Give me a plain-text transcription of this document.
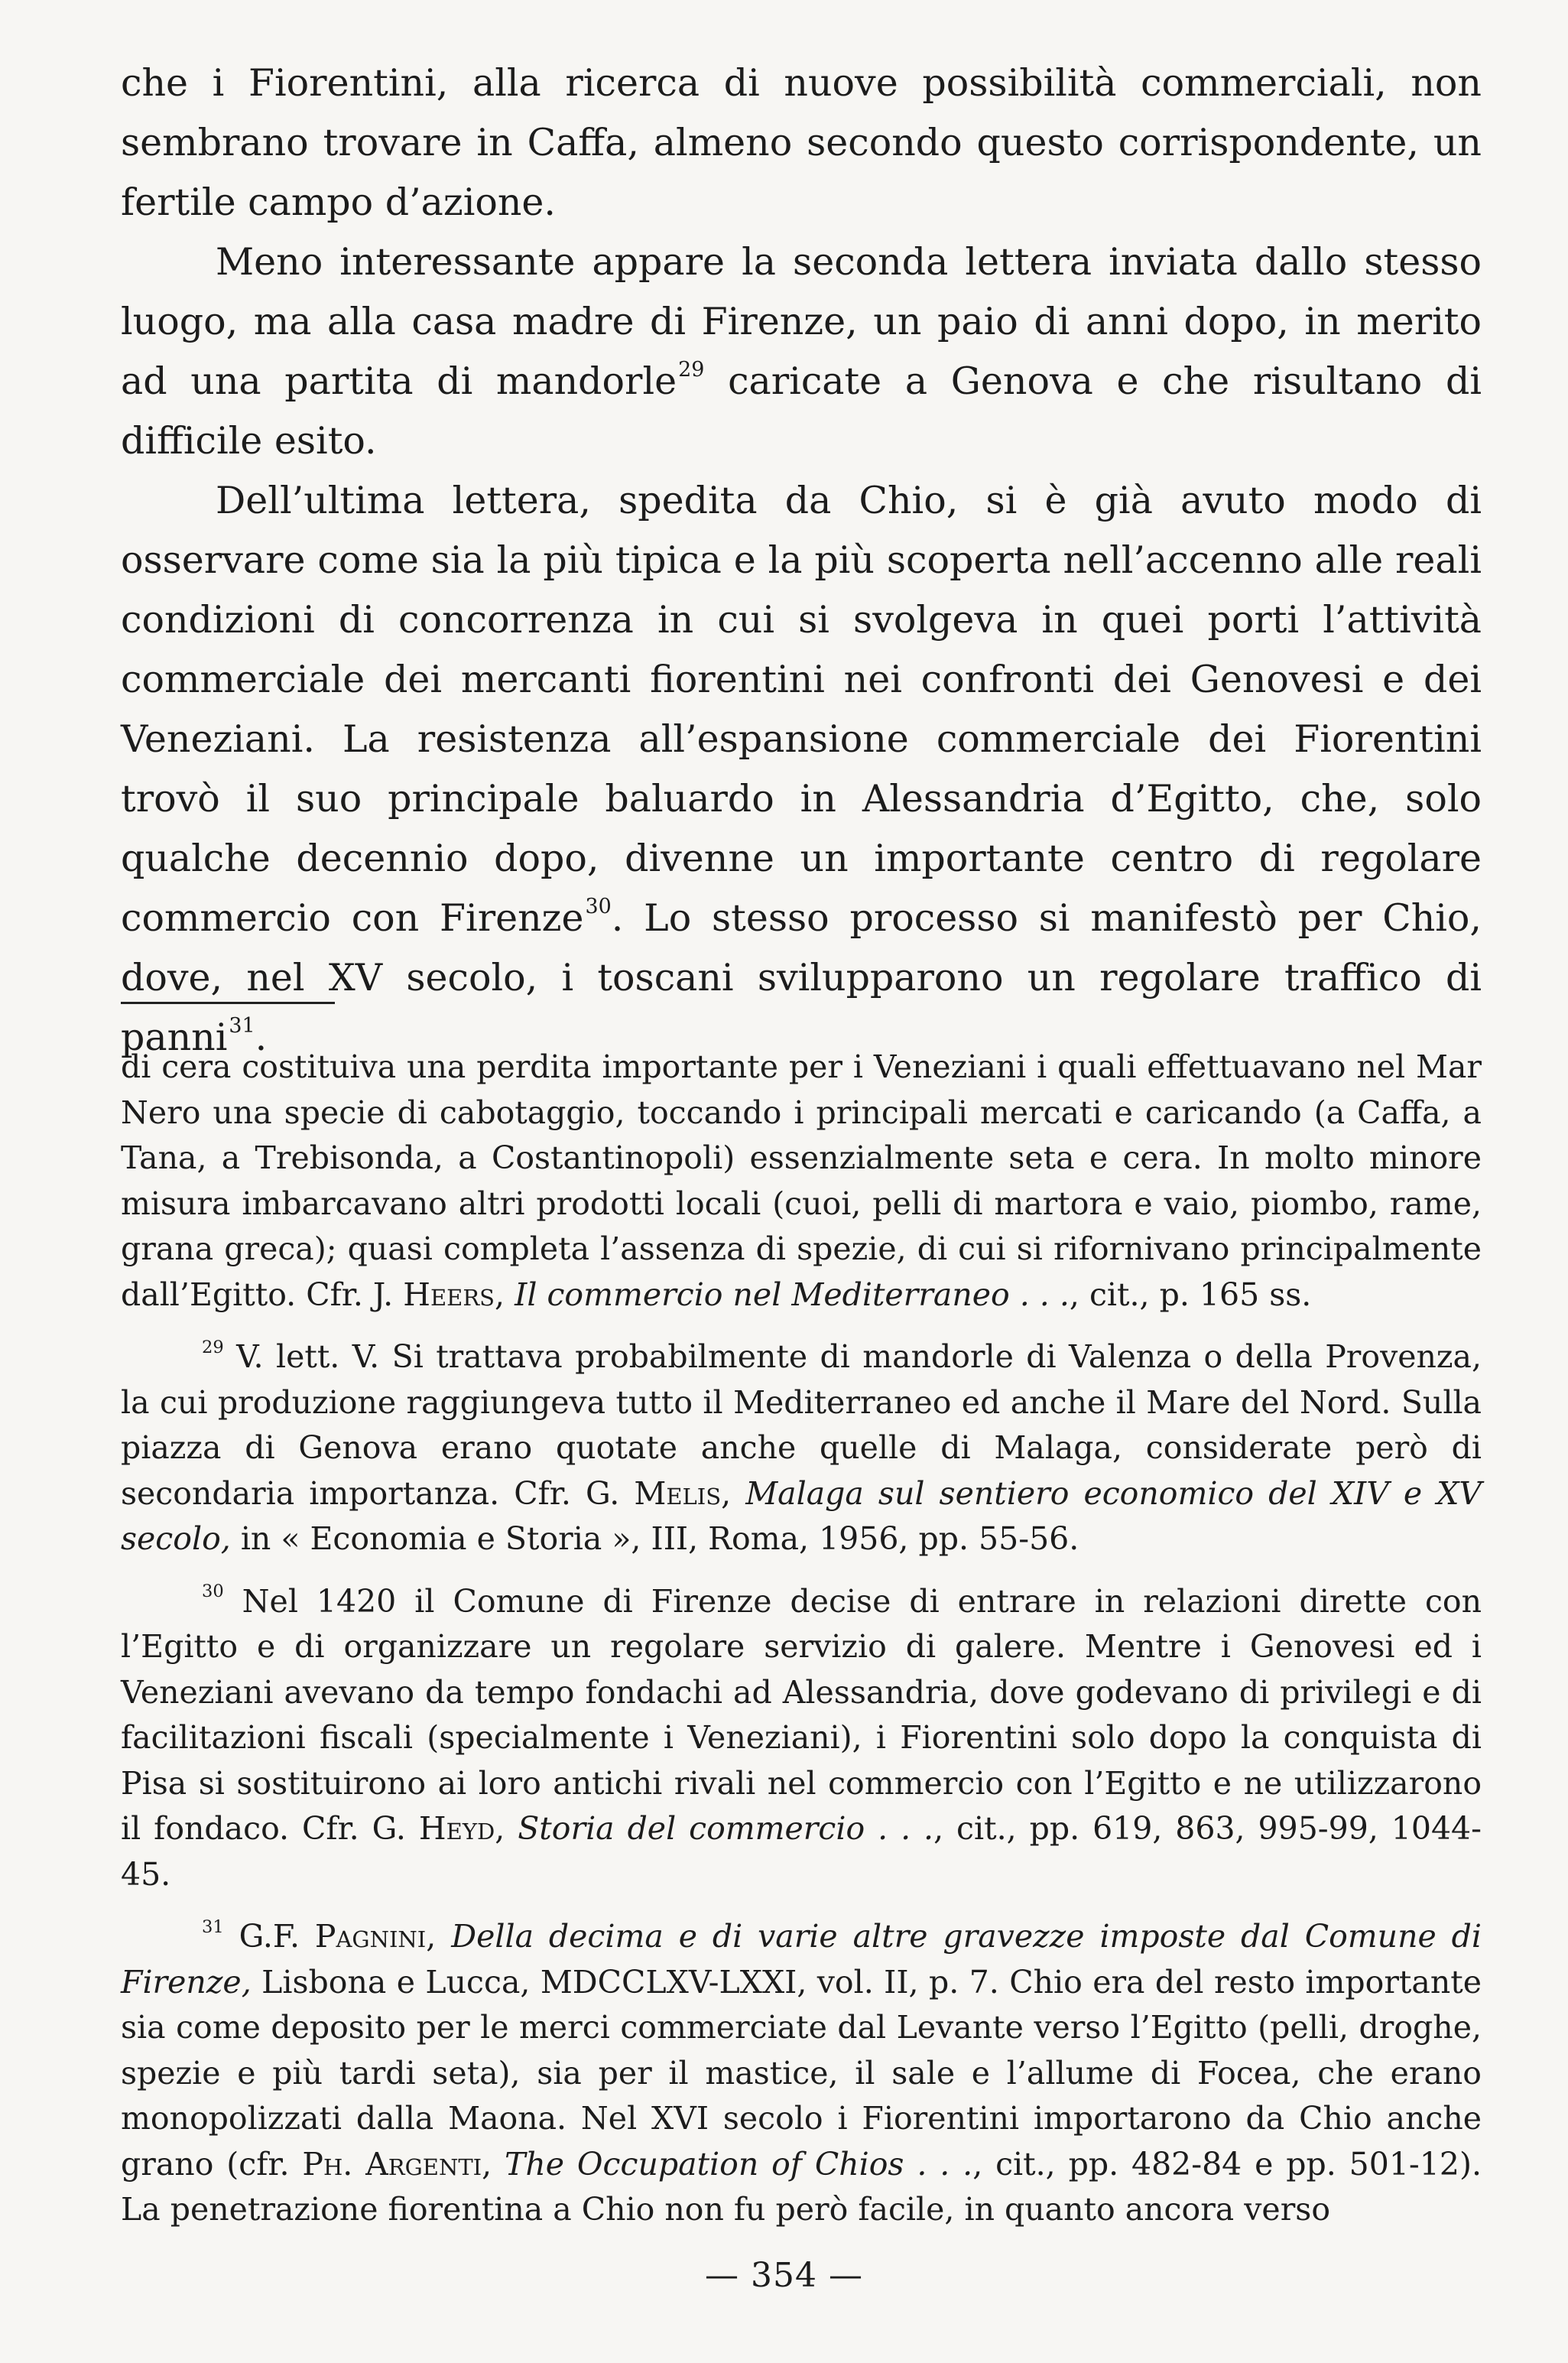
che i Fiorentini, alla ricerca di nuove possibilità commerciali, non sembrano trovare in Caffa, almeno secondo questo corrispondente, un fertile campo d’azione.

Meno interessante appare la seconda lettera inviata dallo stesso luogo, ma alla casa madre di Firenze, un paio di anni dopo, in merito ad una partita di mandorle$^{29}$ caricate a Genova e che risultano di difficile esito.

Dell’ultima lettera, spedita da Chio, si è già avuto modo di osservare come sia la più tipica e la più scoperta nell’accenno alle reali condizioni di concorrenza in cui si svolgeva in quei porti l’attività commerciale dei mercanti fiorentini nei confronti dei Genovesi e dei Veneziani. La resistenza all’espansione commerciale dei Fiorentini trovò il suo principale baluardo in Alessandria d’Egitto, che, solo qualche decennio dopo, divenne un importante centro di regolare commercio con Firenze$^{30}$. Lo stesso processo si manifestò per Chio, dove, nel XV secolo, i toscani svilupparono un regolare traffico di panni$^{31}$.

di cera costituiva una perdita importante per i Veneziani i quali effettuavano nel Mar Nero una specie di cabotaggio, toccando i principali mercati e caricando (a Caffa, a Tana, a Trebisonda, a Costantinopoli) essenzialmente seta e cera. In molto minore misura imbarcavano altri prodotti locali (cuoi, pelli di martora e vaio, piombo, rame, grana greca); quasi completa l’assenza di spezie, di cui si rifornivano principalmente dall’Egitto. Cfr. J. Heers, Il commercio nel Mediterraneo . . ., cit., p. 165 ss.

$^{29}$ V. lett. V. Si trattava probabilmente di mandorle di Valenza o della Provenza, la cui produzione raggiungeva tutto il Mediterraneo ed anche il Mare del Nord. Sulla piazza di Genova erano quotate anche quelle di Malaga, considerate però di secondaria importanza. Cfr. G. Melis, Malaga sul sentiero economico del XIV e XV secolo, in « Economia e Storia », III, Roma, 1956, pp. 55-56.

$^{30}$ Nel 1420 il Comune di Firenze decise di entrare in relazioni dirette con l’Egitto e di organizzare un regolare servizio di galere. Mentre i Genovesi ed i Veneziani avevano da tempo fondachi ad Alessandria, dove godevano di privilegi e di facilitazioni fiscali (specialmente i Veneziani), i Fiorentini solo dopo la conquista di Pisa si sostituirono ai loro antichi rivali nel commercio con l’Egitto e ne utilizzarono il fondaco. Cfr. G. Heyd, Storia del commercio . . ., cit., pp. 619, 863, 995-99, 1044-45.

$^{31}$ G.F. Pagnini, Della decima e di varie altre gravezze imposte dal Comune di Firenze, Lisbona e Lucca, MDCCLXV-LXXI, vol. II, p. 7. Chio era del resto importante sia come deposito per le merci commerciate dal Levante verso l’Egitto (pelli, droghe, spezie e più tardi seta), sia per il mastice, il sale e l’allume di Focea, che erano monopolizzati dalla Maona. Nel XVI secolo i Fiorentini importarono da Chio anche grano (cfr. Ph. Argenti, The Occupation of Chios . . ., cit., pp. 482-84 e pp. 501-12). La penetrazione fiorentina a Chio non fu però facile, in quanto ancora verso

— 354 —
